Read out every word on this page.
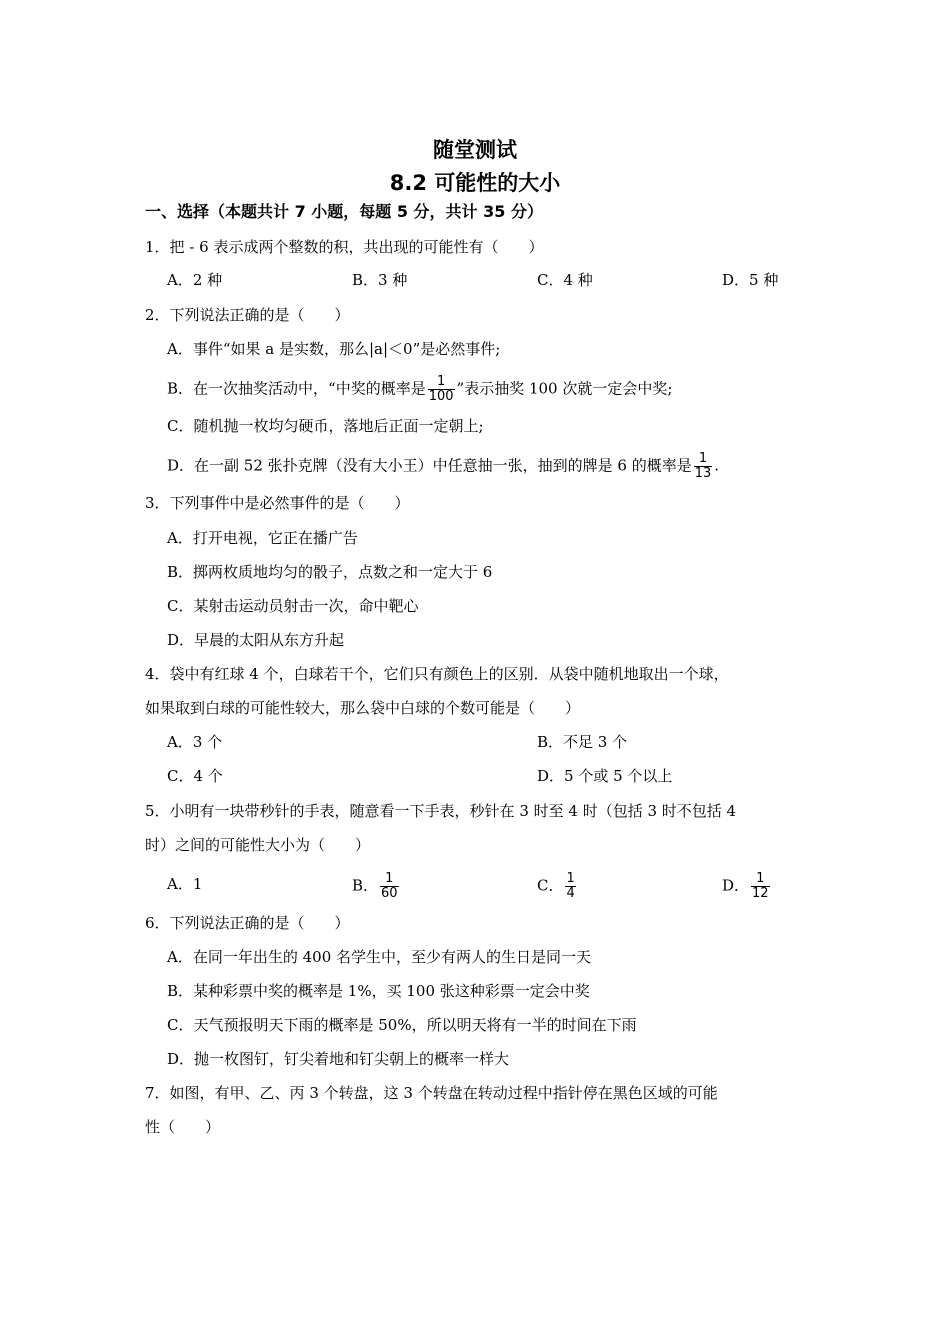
随堂测试
8.2 可能性的大小
一、选择（本题共计 7 小题，每题 5 分，共计 35 分）
1．把 - 6 表示成两个整数的积，共出现的可能性有（　　）
A．2 种	B．3 种	C．4 种	D．5 种
2．下列说法正确的是（　　）
A．事件“如果 a 是实数，那么|a|＜0”是必然事件;
B．在一次抽奖活动中，“中奖的概率是 $\frac{1}{100}$ ”表示抽奖 100 次就一定会中奖;
C．随机抛一枚均匀硬币，落地后正面一定朝上;
D．在一副 52 张扑克牌（没有大小王）中任意抽一张，抽到的牌是 6 的概率是 $\frac{1}{13}$ .
3．下列事件中是必然事件的是（　　）
A．打开电视，它正在播广告
B．掷两枚质地均匀的骰子，点数之和一定大于 6
C．某射击运动员射击一次，命中靶心
D．早晨的太阳从东方升起
4．袋中有红球 4 个，白球若干个，它们只有颜色上的区别．从袋中随机地取出一个球，
如果取到白球的可能性较大，那么袋中白球的个数可能是（　　）
A．3 个	B．不足 3 个
C．4 个	D．5 个或 5 个以上
5．小明有一块带秒针的手表，随意看一下手表，秒针在 3 时至 4 时（包括 3 时不包括 4
时）之间的可能性大小为（　　）
A．1	B． $\frac{1}{60}$	C． $\frac{1}{4}$	D． $\frac{1}{12}$
6．下列说法正确的是（　　）
A．在同一年出生的 400 名学生中，至少有两人的生日是同一天
B．某种彩票中奖的概率是 1%，买 100 张这种彩票一定会中奖
C．天气预报明天下雨的概率是 50%，所以明天将有一半的时间在下雨
D．抛一枚图钉，钉尖着地和钉尖朝上的概率一样大
7．如图，有甲、乙、丙 3 个转盘，这 3 个转盘在转动过程中指针停在黑色区域的可能
性（　　）
